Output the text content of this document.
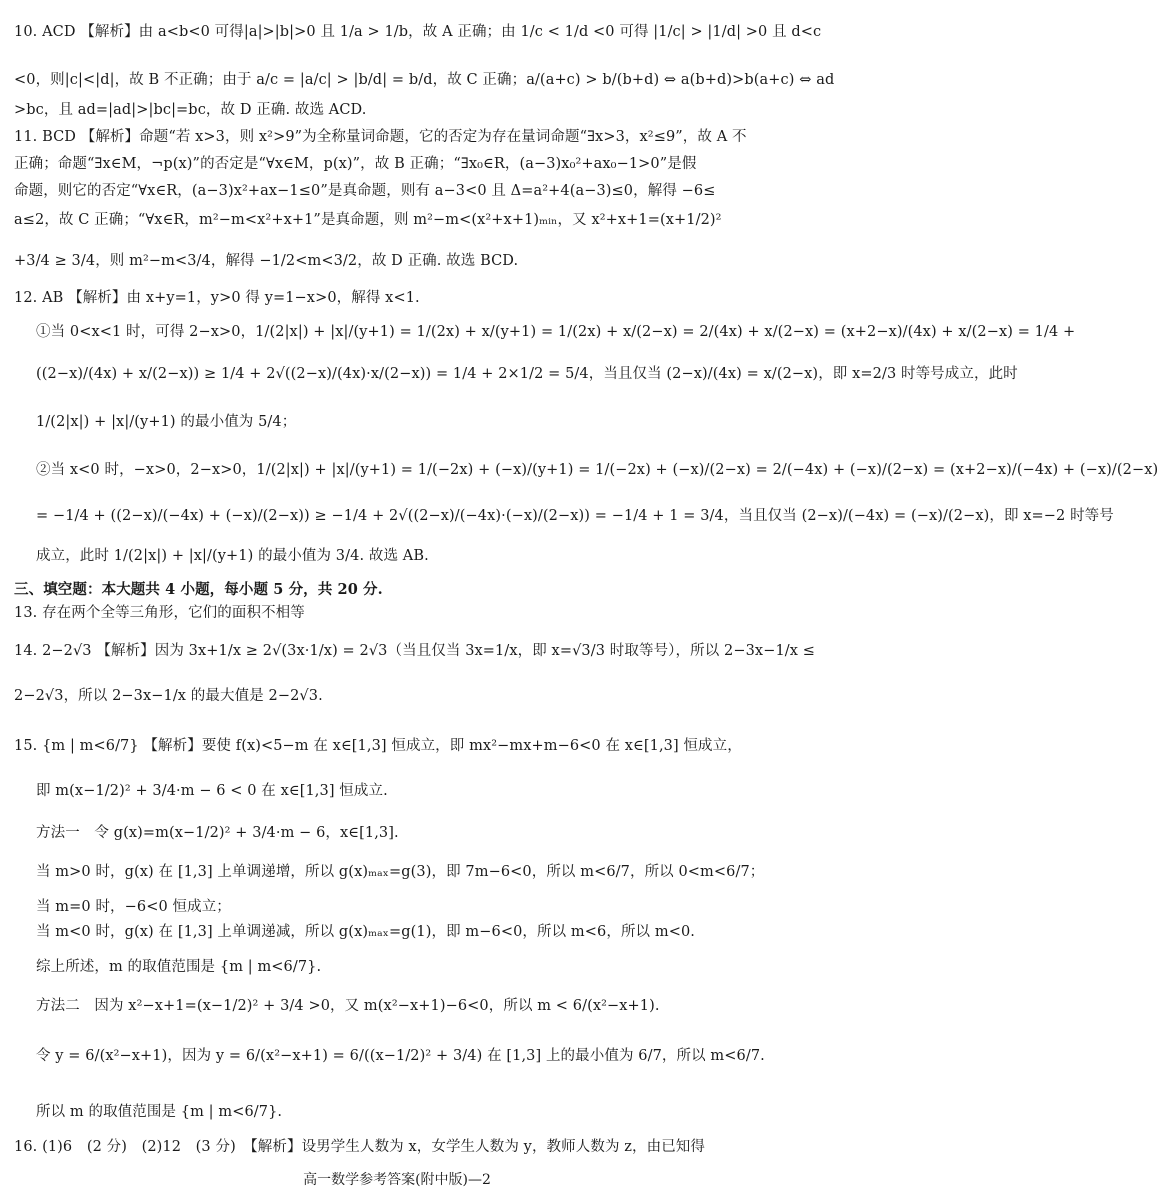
10. ACD 【解析】由 a<b<0 可得|a|>|b|>0 且 1/a > 1/b，故 A 正确；由 1/c < 1/d <0 可得 |1/c| > |1/d| >0 且 d<c
<0，则|c|<|d|，故 B 不正确；由于 a/c = |a/c| > |b/d| = b/d，故 C 正确；a/(a+c) > b/(b+d) ⇔ a(b+d)>b(a+c) ⇔ ad
>bc，且 ad=|ad|>|bc|=bc，故 D 正确. 故选 ACD.
11. BCD 【解析】命题“若 x>3，则 x²>9”为全称量词命题，它的否定为存在量词命题“∃x>3，x²≤9”，故 A 不
正确；命题“∃x∈M，¬p(x)”的否定是“∀x∈M，p(x)”，故 B 正确；“∃x₀∈R，(a−3)x₀²+ax₀−1>0”是假
命题，则它的否定“∀x∈R，(a−3)x²+ax−1≤0”是真命题，则有 a−3<0 且 Δ=a²+4(a−3)≤0，解得 −6≤
a≤2，故 C 正确；“∀x∈R，m²−m<x²+x+1”是真命题，则 m²−m<(x²+x+1)ₘᵢₙ，又 x²+x+1=(x+1/2)²
+3/4 ≥ 3/4，则 m²−m<3/4，解得 −1/2<m<3/2，故 D 正确. 故选 BCD.
12. AB 【解析】由 x+y=1，y>0 得 y=1−x>0，解得 x<1.
①当 0<x<1 时，可得 2−x>0，1/(2|x|) + |x|/(y+1) = 1/(2x) + x/(y+1) = 1/(2x) + x/(2−x) = 2/(4x) + x/(2−x) = (x+2−x)/(4x) + x/(2−x) = 1/4 +
((2−x)/(4x) + x/(2−x)) ≥ 1/4 + 2√((2−x)/(4x)·x/(2−x)) = 1/4 + 2×1/2 = 5/4，当且仅当 (2−x)/(4x) = x/(2−x)，即 x=2/3 时等号成立，此时
1/(2|x|) + |x|/(y+1) 的最小值为 5/4；
②当 x<0 时，−x>0，2−x>0，1/(2|x|) + |x|/(y+1) = 1/(−2x) + (−x)/(y+1) = 1/(−2x) + (−x)/(2−x) = 2/(−4x) + (−x)/(2−x) = (x+2−x)/(−4x) + (−x)/(2−x)
= −1/4 + ((2−x)/(−4x) + (−x)/(2−x)) ≥ −1/4 + 2√((2−x)/(−4x)·(−x)/(2−x)) = −1/4 + 1 = 3/4，当且仅当 (2−x)/(−4x) = (−x)/(2−x)，即 x=−2 时等号
成立，此时 1/(2|x|) + |x|/(y+1) 的最小值为 3/4. 故选 AB.
三、填空题：本大题共 4 小题，每小题 5 分，共 20 分.
13. 存在两个全等三角形，它们的面积不相等
14. 2−2√3 【解析】因为 3x+1/x ≥ 2√(3x·1/x) = 2√3（当且仅当 3x=1/x，即 x=√3/3 时取等号），所以 2−3x−1/x ≤
2−2√3，所以 2−3x−1/x 的最大值是 2−2√3.
15. {m | m<6/7} 【解析】要使 f(x)<5−m 在 x∈[1,3] 恒成立，即 mx²−mx+m−6<0 在 x∈[1,3] 恒成立，
即 m(x−1/2)² + 3/4·m − 6 < 0 在 x∈[1,3] 恒成立.
方法一　令 g(x)=m(x−1/2)² + 3/4·m − 6，x∈[1,3].
当 m>0 时，g(x) 在 [1,3] 上单调递增，所以 g(x)ₘₐₓ=g(3)，即 7m−6<0，所以 m<6/7，所以 0<m<6/7；
当 m=0 时，−6<0 恒成立；
当 m<0 时，g(x) 在 [1,3] 上单调递减，所以 g(x)ₘₐₓ=g(1)，即 m−6<0，所以 m<6，所以 m<0.
综上所述，m 的取值范围是 {m | m<6/7}.
方法二　因为 x²−x+1=(x−1/2)² + 3/4 >0，又 m(x²−x+1)−6<0，所以 m < 6/(x²−x+1).
令 y = 6/(x²−x+1)，因为 y = 6/(x²−x+1) = 6/((x−1/2)² + 3/4) 在 [1,3] 上的最小值为 6/7，所以 m<6/7.
所以 m 的取值范围是 {m | m<6/7}.
16. (1)6　(2 分)　(2)12　(3 分)　【解析】设男学生人数为 x，女学生人数为 y，教师人数为 z，由已知得
高一数学参考答案(附中版)—2
